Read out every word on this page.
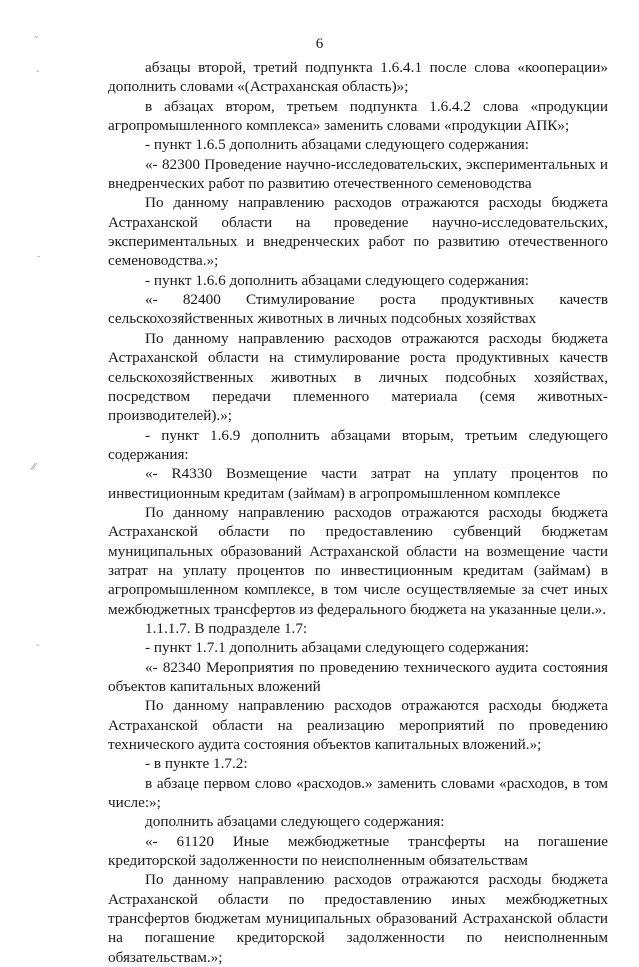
ˇ
-
ˉ
⁄⁄
-
6

абзацы второй, третий подпункта 1.6.4.1 после слова «кооперации» дополнить словами «(Астраханская область)»;

в абзацах втором, третьем подпункта 1.6.4.2 слова «продукции агропромышленного комплекса» заменить словами «продукции АПК»;

- пункт 1.6.5 дополнить абзацами следующего содержания:

«- 82300 Проведение научно-исследовательских, экспериментальных и внедренческих работ по развитию отечественного семеноводства

По данному направлению расходов отражаются расходы бюджета Астраханской области на проведение научно-исследовательских, экспериментальных и внедренческих работ по развитию отечественного семеноводства.»;

- пункт 1.6.6 дополнить абзацами следующего содержания:

«- 82400 Стимулирование роста продуктивных качеств сельскохозяйственных животных в личных подсобных хозяйствах

По данному направлению расходов отражаются расходы бюджета Астраханской области на стимулирование роста продуктивных качеств сельскохозяйственных животных в личных подсобных хозяйствах, посредством передачи племенного материала (семя животных-производителей).»;

- пункт 1.6.9 дополнить абзацами вторым, третьим следующего содержания:

«- R4330 Возмещение части затрат на уплату процентов по инвестиционным кредитам (займам) в агропромышленном комплексе

По данному направлению расходов отражаются расходы бюджета Астраханской области по предоставлению субвенций бюджетам муниципальных образований Астраханской области на возмещение части затрат на уплату процентов по инвестиционным кредитам (займам) в агропромышленном комплексе, в том числе осуществляемые за счет иных межбюджетных трансфертов из федерального бюджета на указанные цели.».

1.1.1.7. В подразделе 1.7:

- пункт 1.7.1 дополнить абзацами следующего содержания:

«- 82340 Мероприятия по проведению технического аудита состояния объектов капитальных вложений

По данному направлению расходов отражаются расходы бюджета Астраханской области на реализацию мероприятий по проведению технического аудита состояния объектов капитальных вложений.»;

- в пункте 1.7.2:

в абзаце первом слово «расходов.» заменить словами «расходов, в том числе:»;

дополнить абзацами следующего содержания:

«- 61120 Иные межбюджетные трансферты на погашение кредиторской задолженности по неисполненным обязательствам

По данному направлению расходов отражаются расходы бюджета Астраханской области по предоставлению иных межбюджетных трансфертов бюджетам муниципальных образований Астраханской области на погашение кредиторской задолженности по неисполненным обязательствам.»;
